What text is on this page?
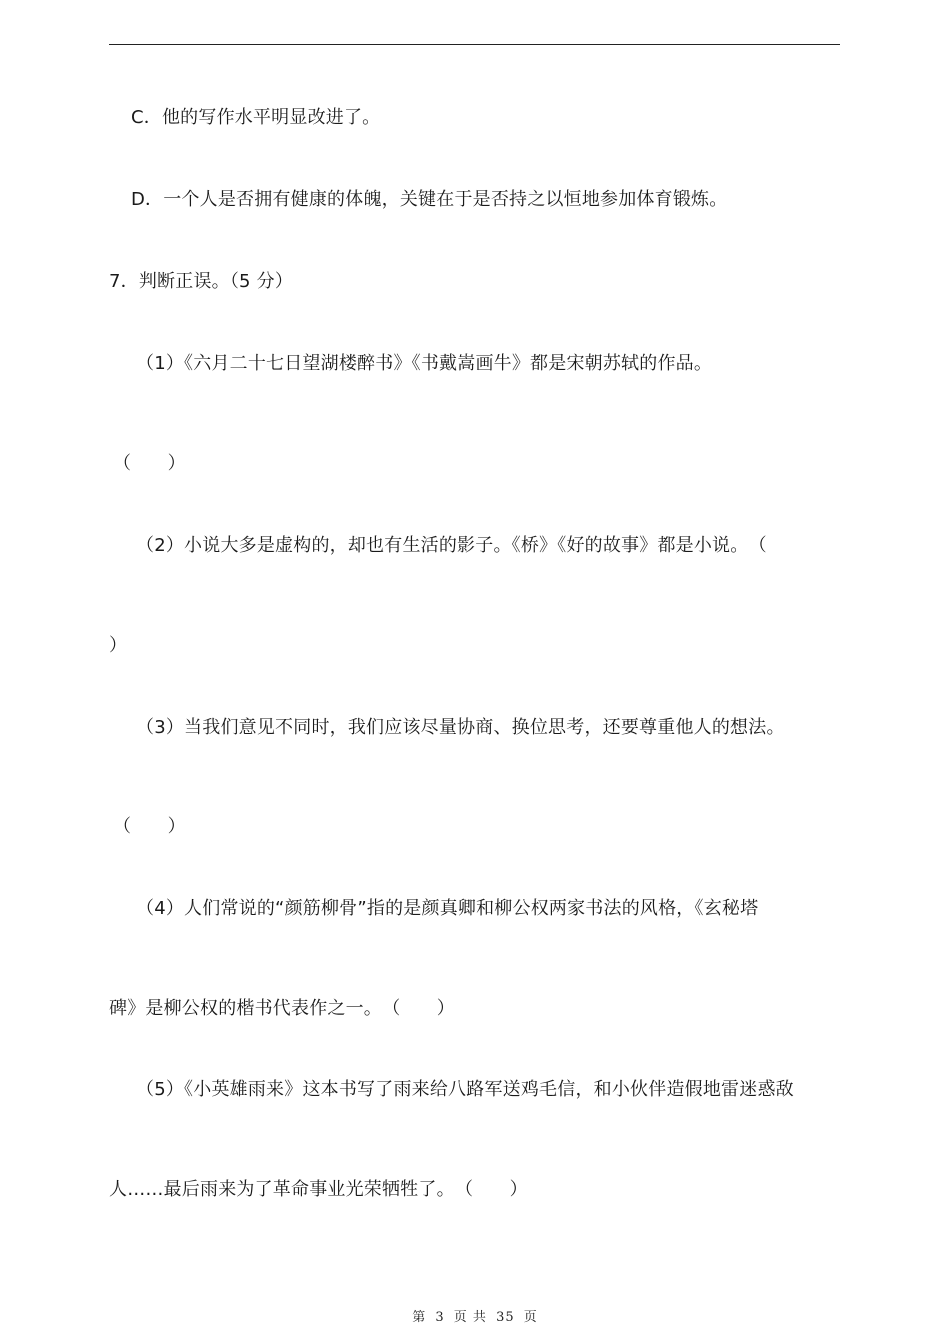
C．他的写作水平明显改进了。
D．一个人是否拥有健康的体魄，关键在于是否持之以恒地参加体育锻炼。
7．判断正误。（5 分）
（1）《六月二十七日望湖楼醉书》《书戴嵩画牛》都是宋朝苏轼的作品。
（　　）
（2）小说大多是虚构的，却也有生活的影子。《桥》《好的故事》都是小说。　（
）
（3）当我们意见不同时，我们应该尽量协商、换位思考，还要尊重他人的想法。
（　　）
（4）人们常说的“颜筋柳骨”指的是颜真卿和柳公权两家书法的风格，《玄秘塔
碑》是柳公权的楷书代表作之一。　（　　）
（5）《小英雄雨来》这本书写了雨来给八路军送鸡毛信，和小伙伴造假地雷迷惑敌
人……最后雨来为了革命事业光荣牺牲了。　（　　）
第 3 页 共 35 页
